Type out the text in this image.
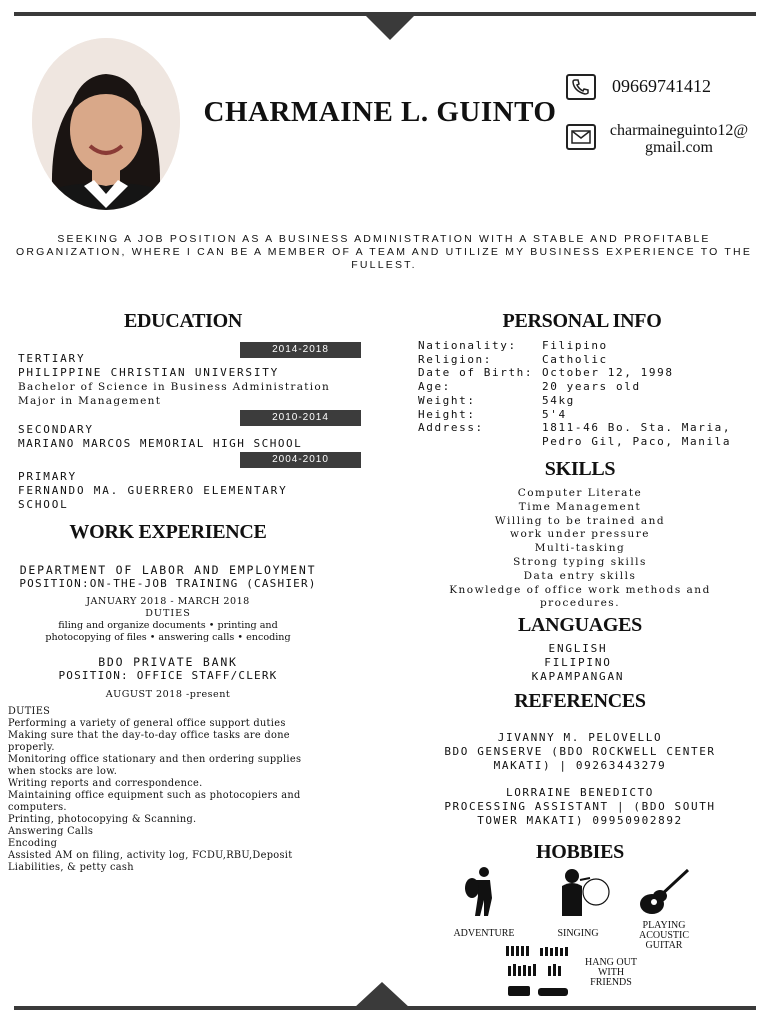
CHARMAINE L. GUINTO
09669741412
charmaineguinto12@
gmail.com
SEEKING A JOB POSITION AS A BUSINESS ADMINISTRATION WITH A STABLE AND PROFITABLE ORGANIZATION, WHERE I CAN BE A MEMBER OF A TEAM AND UTILIZE MY BUSINESS EXPERIENCE TO THE FULLEST.
EDUCATION
2014-2018
TERTIARY
PHILIPPINE CHRISTIAN UNIVERSITY
Bachelor of Science in Business Administration
Major in Management
2010-2014
SECONDARY
MARIANO MARCOS MEMORIAL HIGH SCHOOL
2004-2010
PRIMARY
FERNANDO MA. GUERRERO ELEMENTARY
SCHOOL
WORK EXPERIENCE
DEPARTMENT OF LABOR AND EMPLOYMENT
POSITION:ON-THE-JOB TRAINING (CASHIER)
JANUARY 2018 - MARCH 2018
DUTIES
filing and organize documents • printing and
photocopying of files • answering calls • encoding
BDO PRIVATE BANK
POSITION: OFFICE STAFF/CLERK
AUGUST 2018 -present
DUTIES
Performing a variety of general office support duties
Making sure that the day-to-day office tasks are done
properly.
Monitoring office stationary and then ordering supplies
when stocks are low.
Writing reports and correspondence.
Maintaining office equipment such as photocopiers and
computers.
Printing, photocopying & Scanning.
Answering Calls
Encoding
Assisted AM on filing, activity log, FCDU,RBU,Deposit
Liabilities, & petty cash
PERSONAL INFO
Nationality:	Filipino
Religion:	Catholic
Date of Birth:	October 12, 1998
Age:	20 years old
Weight:	54kg
Height:	5'4
Address:	1811-46 Bo. Sta. Maria,
	Pedro Gil, Paco, Manila
SKILLS
Computer Literate
Time Management
Willing to be trained and
work under pressure
Multi-tasking
Strong typing skills
Data entry skills
Knowledge of office work methods and
procedures.
LANGUAGES
ENGLISH
FILIPINO
KAPAMPANGAN
REFERENCES
JIVANNY M. PELOVELLO
BDO GENSERVE (BDO ROCKWELL CENTER
MAKATI) | 09263443279
LORRAINE BENEDICTO
PROCESSING ASSISTANT | (BDO SOUTH
TOWER MAKATI) 09950902892
HOBBIES
ADVENTURE	SINGING
PLAYING
ACOUSTIC
GUITAR
HANG OUT
WITH
FRIENDS
